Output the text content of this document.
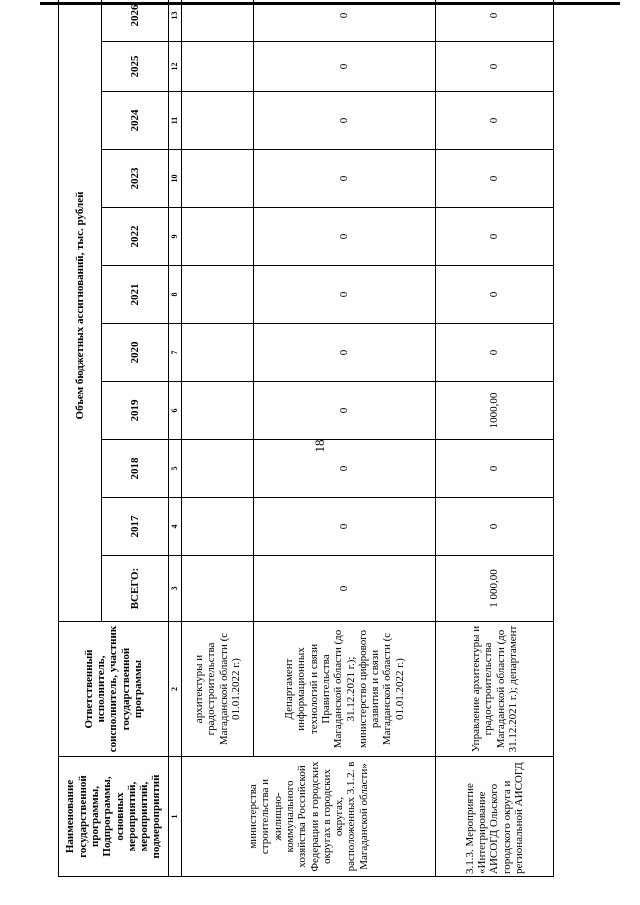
18
Наименование государственной программы, Подпрограммы, основных мероприятий, мероприятий, подмероприятий	Ответственный исполнитель, соисполнитель, участник государственной программы	Объем бюджетных ассигнований, тыс. рублей										
		ВСЕГО:	2017	2018	2019	2020	2021	2022	2023	2024	2025	2026
1	2	3	4	5	6	7	8	9	10	11	12	13
министерства строительства и жилищно-коммунального хозяйства Российской Федерации в городских округах в городских округах, расположенных 3.1.2. в Магаданской области»	архитектуры и градостроительства Магаданской области (с 01.01.2022 г.)											
	Департамент информационных технологий и связи Правительства Магаданской области (до 31.12.2021 г.); министерство цифрового развития и связи Магаданской области (с 01.01.2022 г.)	0	0	0	0	0	0	0	0	0	0	0
3.1.3. Мероприятие «Интегрирование АИСОГД Ольского городского округа и региональной АИСОГД	Управление архитектуры и градостроительства Магаданской области (до 31.12.2021 г.); департамент	1 000,00	0	0	1000,00	0	0	0	0	0	0	0
